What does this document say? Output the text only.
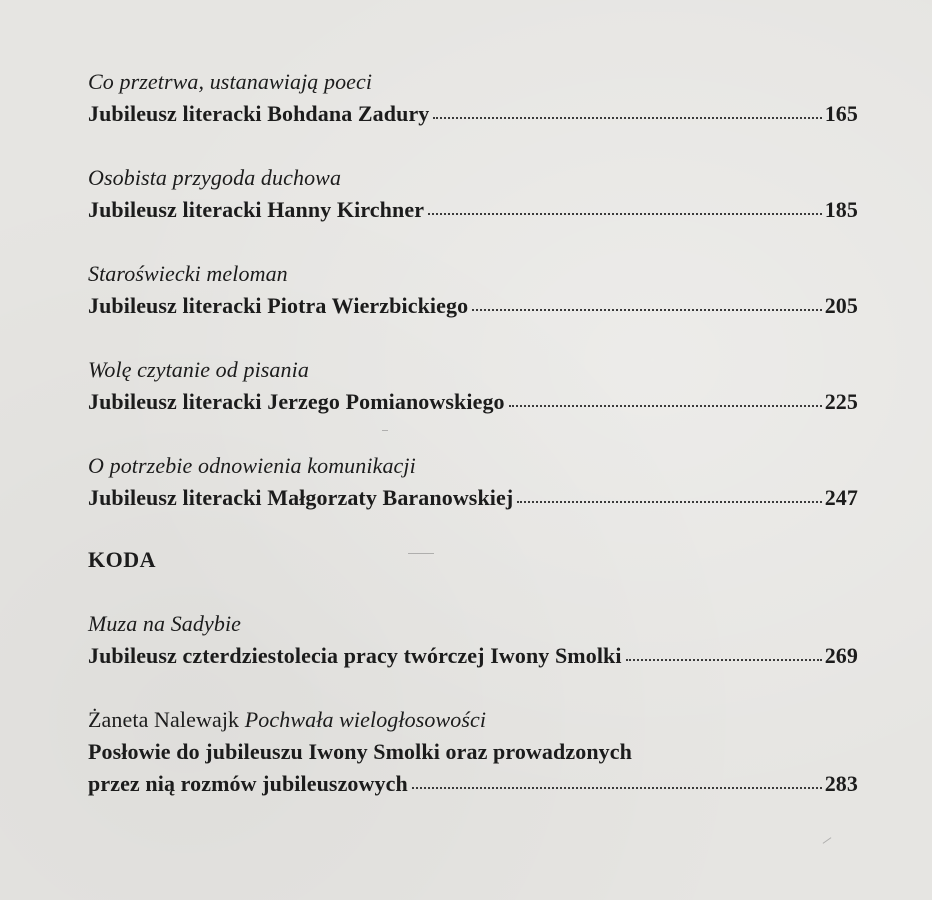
Co przetrwa, ustanawiają poeci
Jubileusz literacki Bohdana Zadury	165
Osobista przygoda duchowa
Jubileusz literacki Hanny Kirchner	185
Staroświecki meloman
Jubileusz literacki Piotra Wierzbickiego	205
Wolę czytanie od pisania
Jubileusz literacki Jerzego Pomianowskiego	225
O potrzebie odnowienia komunikacji
Jubileusz literacki Małgorzaty Baranowskiej	247
KODA
Muza na Sadybie
Jubileusz czterdziestolecia pracy twórczej Iwony Smolki	269
Żaneta Nalewajk Pochwała wielogłosowości
Posłowie do jubileuszu Iwony Smolki oraz prowadzonych
przez nią rozmów jubileuszowych	283
